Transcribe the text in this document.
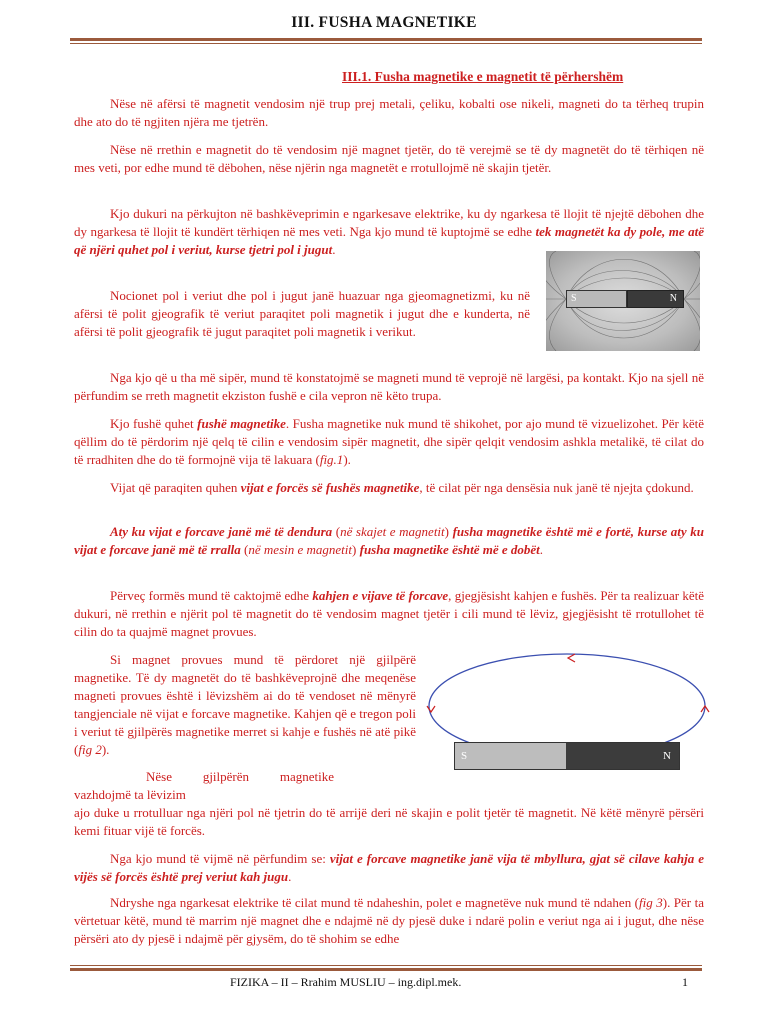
III. FUSHA MAGNETIKE
III.1. Fusha magnetike e magnetit të përhershëm

Nëse në afërsi të magnetit vendosim një trup prej metali, çeliku, kobalti ose nikeli, magneti do ta tërheq trupin dhe ato do të ngjiten njëra me tjetrën.

Nëse në rrethin e magnetit do të vendosim një magnet tjetër, do të verejmë se të dy magnetët do të tërhiqen në mes veti, por edhe mund të dëbohen, nëse njërin nga magnetët e rrotullojmë në skajin tjetër.

Kjo dukuri na përkujton në bashkëveprimin e ngarkesave elektrike, ku dy ngarkesa të llojit të njejtë dëbohen dhe dy ngarkesa të llojit të kundërt tërhiqen në mes veti. Nga kjo mund të kuptojmë se edhe tek magnetët ka dy pole, me atë që njëri quhet pol i veriut, kurse tjetri pol i jugut.

S	N

Nocionet pol i veriut dhe pol i jugut janë huazuar nga gjeomagnetizmi, ku në afërsi të polit gjeografik të veriut paraqitet poli magnetik i jugut dhe e kunderta, në afërsi të polit gjeografik të jugut paraqitet poli magnetik i verikut.

Nga kjo që u tha më sipër, mund të konstatojmë se magneti mund të veprojë në largësi, pa kontakt. Kjo na sjell në përfundim se rreth magnetit ekziston fushë e cila vepron në këto trupa.

Kjo fushë quhet fushë magnetike. Fusha magnetike nuk mund të shikohet, por ajo mund të vizuelizohet. Për këtë qëllim do të përdorim një qelq të cilin e vendosim sipër magnetit, dhe sipër qelqit vendosim ashkla metalikë, të cilat do të rradhiten dhe do të formojnë vija të lakuara (fig.1).

Vijat që paraqiten quhen vijat e forcës së fushës magnetike, të cilat për nga densësia nuk janë të njejta çdokund.

Aty ku vijat e forcave janë më të dendura (në skajet e magnetit) fusha magnetike është më e fortë, kurse aty ku vijat e forcave janë më të rralla (në mesin e magnetit) fusha magnetike është më e dobët.

Përveç formës mund të caktojmë edhe kahjen e vijave të forcave, gjegjësisht kahjen e fushës. Për ta realizuar këtë dukuri, në rrethin e njërit pol të magnetit do të vendosim magnet tjetër i cili mund të lëviz, gjegjësisht të rrotullohet të cilin do ta quajmë magnet provues.

Si magnet provues mund të përdoret një gjilpërë magnetike. Të dy magnetët do të bashkëveprojnë dhe meqenëse magneti provues është i lëvizshëm ai do të vendoset në mënyrë tangjenciale në vijat e forcave magnetike. Kahjen që e tregon poli i veriut të gjilpërës magnetike merret si kahje e fushës në atë pikë (fig 2).	S	N

Nëse gjilpërën magnetike vazhdojmë ta lëvizim

ajo duke u rrotulluar nga njëri pol në tjetrin do të arrijë deri në skajin e polit tjetër të magnetit. Në këtë mënyrë përsëri kemi fituar vijë të forcës.

Nga kjo mund të vijmë në përfundim se: vijat e forcave magnetike janë vija të mbyllura, gjat së cilave kahja e vijës së forcës është prej veriut kah jugu.

Ndryshe nga ngarkesat elektrike të cilat mund të ndaheshin, polet e magnetëve nuk mund të ndahen (fig 3). Për ta vërtetuar këtë, mund të marrim një magnet dhe e ndajmë në dy pjesë duke i ndarë polin e veriut nga ai i jugut, dhe nëse përsëri ato dy pjesë i ndajmë për gjysëm, do të shohim se edhe

FIZIKA – II – Rrahim MUSLIU – ing.dipl.mek.	1
